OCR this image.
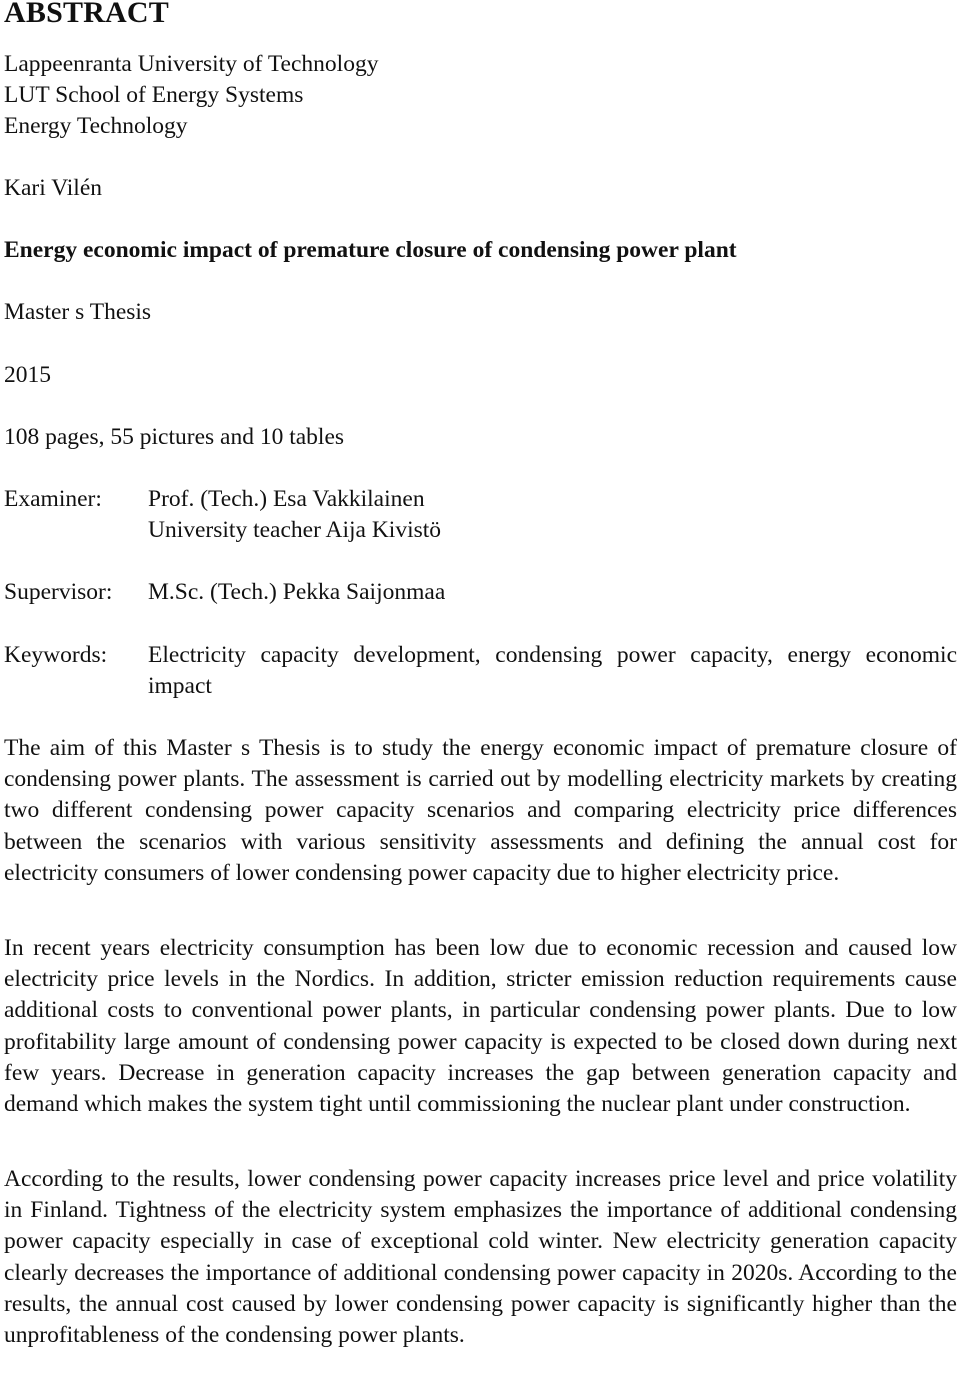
ABSTRACT
Lappeenranta University of Technology
LUT School of Energy Systems
Energy Technology
Kari Vilén
Energy economic impact of premature closure of condensing power plant
Master s Thesis
2015
108 pages, 55 pictures and 10 tables
Examiner: Prof. (Tech.) Esa Vakkilainen
University teacher Aija Kivistö
Supervisor: M.Sc. (Tech.) Pekka Saijonmaa
Keywords: Electricity capacity development, condensing power capacity, energy economic impact

The aim of this Master s Thesis is to study the energy economic impact of premature closure of condensing power plants. The assessment is carried out by modelling electricity markets by creating two different condensing power capacity scenarios and comparing electricity price differences between the scenarios with various sensitivity assessments and defining the annual cost for electricity consumers of lower condensing power capacity due to higher electricity price.

In recent years electricity consumption has been low due to economic recession and caused low electricity price levels in the Nordics. In addition, stricter emission reduction requirements cause additional costs to conventional power plants, in particular condensing power plants. Due to low profitability large amount of condensing power capacity is expected to be closed down during next few years. Decrease in generation capacity increases the gap between generation capacity and demand which makes the system tight until commissioning the nuclear plant under construction.

According to the results, lower condensing power capacity increases price level and price volatility in Finland. Tightness of the electricity system emphasizes the importance of additional condensing power capacity especially in case of exceptional cold winter. New electricity generation capacity clearly decreases the importance of additional condensing power capacity in 2020s. According to the results, the annual cost caused by lower condensing power capacity is significantly higher than the unprofitableness of the condensing power plants.
